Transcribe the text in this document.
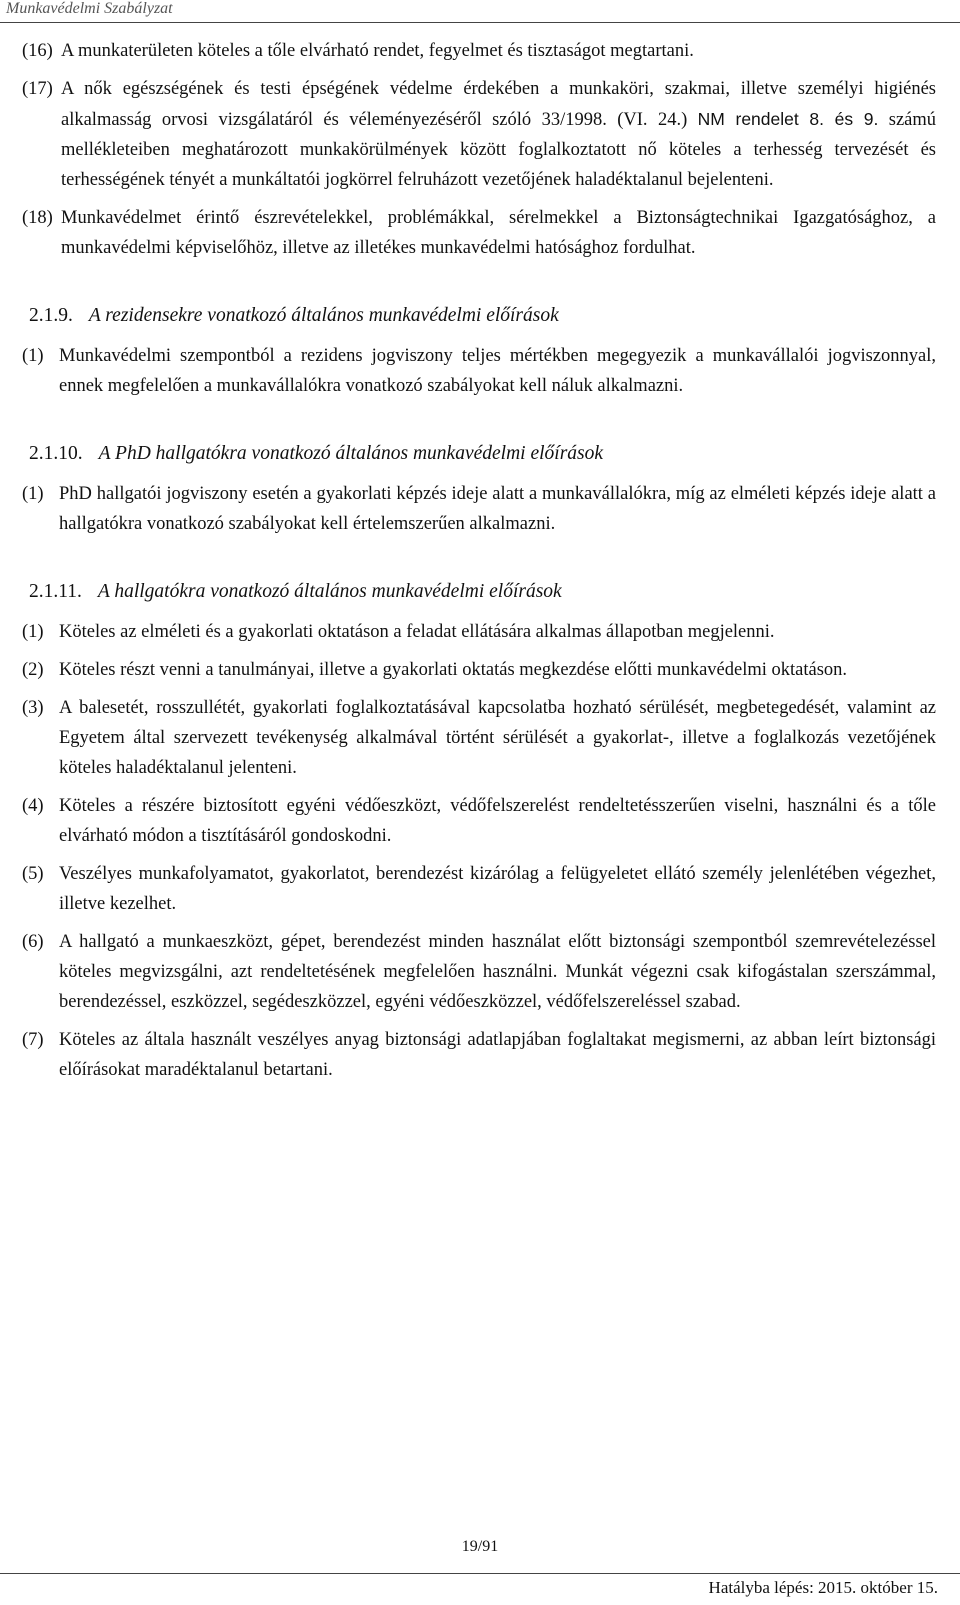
Munkavédelmi Szabályzat
(16) A munkaterületen köteles a tőle elvárható rendet, fegyelmet és tisztaságot megtartani.
(17) A nők egészségének és testi épségének védelme érdekében a munkaköri, szakmai, illetve személyi higiénés alkalmasság orvosi vizsgálatáról és véleményezéséről szóló 33/1998. (VI. 24.) NM rendelet 8. és 9. számú mellékleteiben meghatározott munkakörülmények között foglalkoztatott nő köteles a terhesség tervezését és terhességének tényét a munkáltatói jogkörrel felruházott vezetőjének haladéktalanul bejelenteni.
(18) Munkavédelmet érintő észrevételekkel, problémákkal, sérelmekkel a Biztonságtechnikai Igazgatósághoz, a munkavédelmi képviselőhöz, illetve az illetékes munkavédelmi hatósághoz fordulhat.
2.1.9. A rezidensekre vonatkozó általános munkavédelmi előírások
(1) Munkavédelmi szempontból a rezidens jogviszony teljes mértékben megegyezik a munkavállalói jogviszonnyal, ennek megfelelően a munkavállalókra vonatkozó szabályokat kell náluk alkalmazni.
2.1.10. A PhD hallgatókra vonatkozó általános munkavédelmi előírások
(1) PhD hallgatói jogviszony esetén a gyakorlati képzés ideje alatt a munkavállalókra, míg az elméleti képzés ideje alatt a hallgatókra vonatkozó szabályokat kell értelemszerűen alkalmazni.
2.1.11. A hallgatókra vonatkozó általános munkavédelmi előírások
(1) Köteles az elméleti és a gyakorlati oktatáson a feladat ellátására alkalmas állapotban megjelenni.
(2) Köteles részt venni a tanulmányai, illetve a gyakorlati oktatás megkezdése előtti munkavédelmi oktatáson.
(3) A balesetét, rosszullétét, gyakorlati foglalkoztatásával kapcsolatba hozható sérülését, megbetegedését, valamint az Egyetem által szervezett tevékenység alkalmával történt sérülését a gyakorlat-, illetve a foglalkozás vezetőjének köteles haladéktalanul jelenteni.
(4) Köteles a részére biztosított egyéni védőeszközt, védőfelszerelést rendeltetésszerűen viselni, használni és a tőle elvárható módon a tisztításáról gondoskodni.
(5) Veszélyes munkafolyamatot, gyakorlatot, berendezést kizárólag a felügyeletet ellátó személy jelenlétében végezhet, illetve kezelhet.
(6) A hallgató a munkaeszközt, gépet, berendezést minden használat előtt biztonsági szempontból szemrevételezéssel köteles megvizsgálni, azt rendeltetésének megfelelően használni. Munkát végezni csak kifogástalan szerszámmal, berendezéssel, eszközzel, segédeszközzel, egyéni védőeszközzel, védőfelszereléssel szabad.
(7) Köteles az általa használt veszélyes anyag biztonsági adatlapjában foglaltakat megismerni, az abban leírt biztonsági előírásokat maradéktalanul betartani.
19/91
Hatályba lépés: 2015. október 15.
